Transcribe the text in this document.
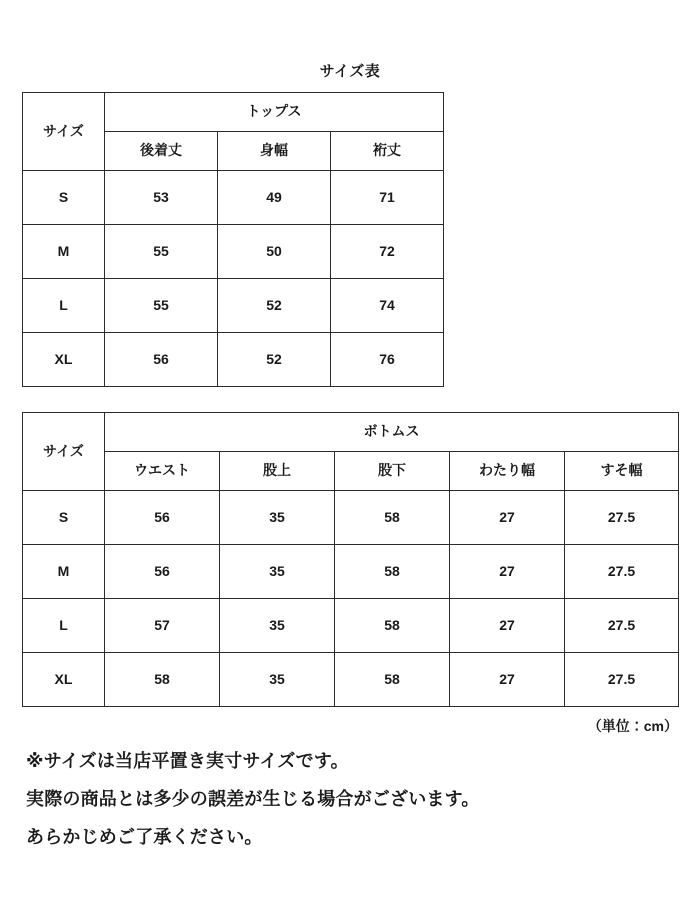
サイズ表
サイズ	トップス		
	後着丈	身幅	裄丈
S	53	49	71
M	55	50	72
L	55	52	74
XL	56	52	76
サイズ	ボトムス				
	ウエスト	股上	股下	わたり幅	すそ幅
S	56	35	58	27	27.5
M	56	35	58	27	27.5
L	57	35	58	27	27.5
XL	58	35	58	27	27.5
（単位：cm）
※サイズは当店平置き実寸サイズです。
実際の商品とは多少の誤差が生じる場合がございます。
あらかじめご了承ください。
